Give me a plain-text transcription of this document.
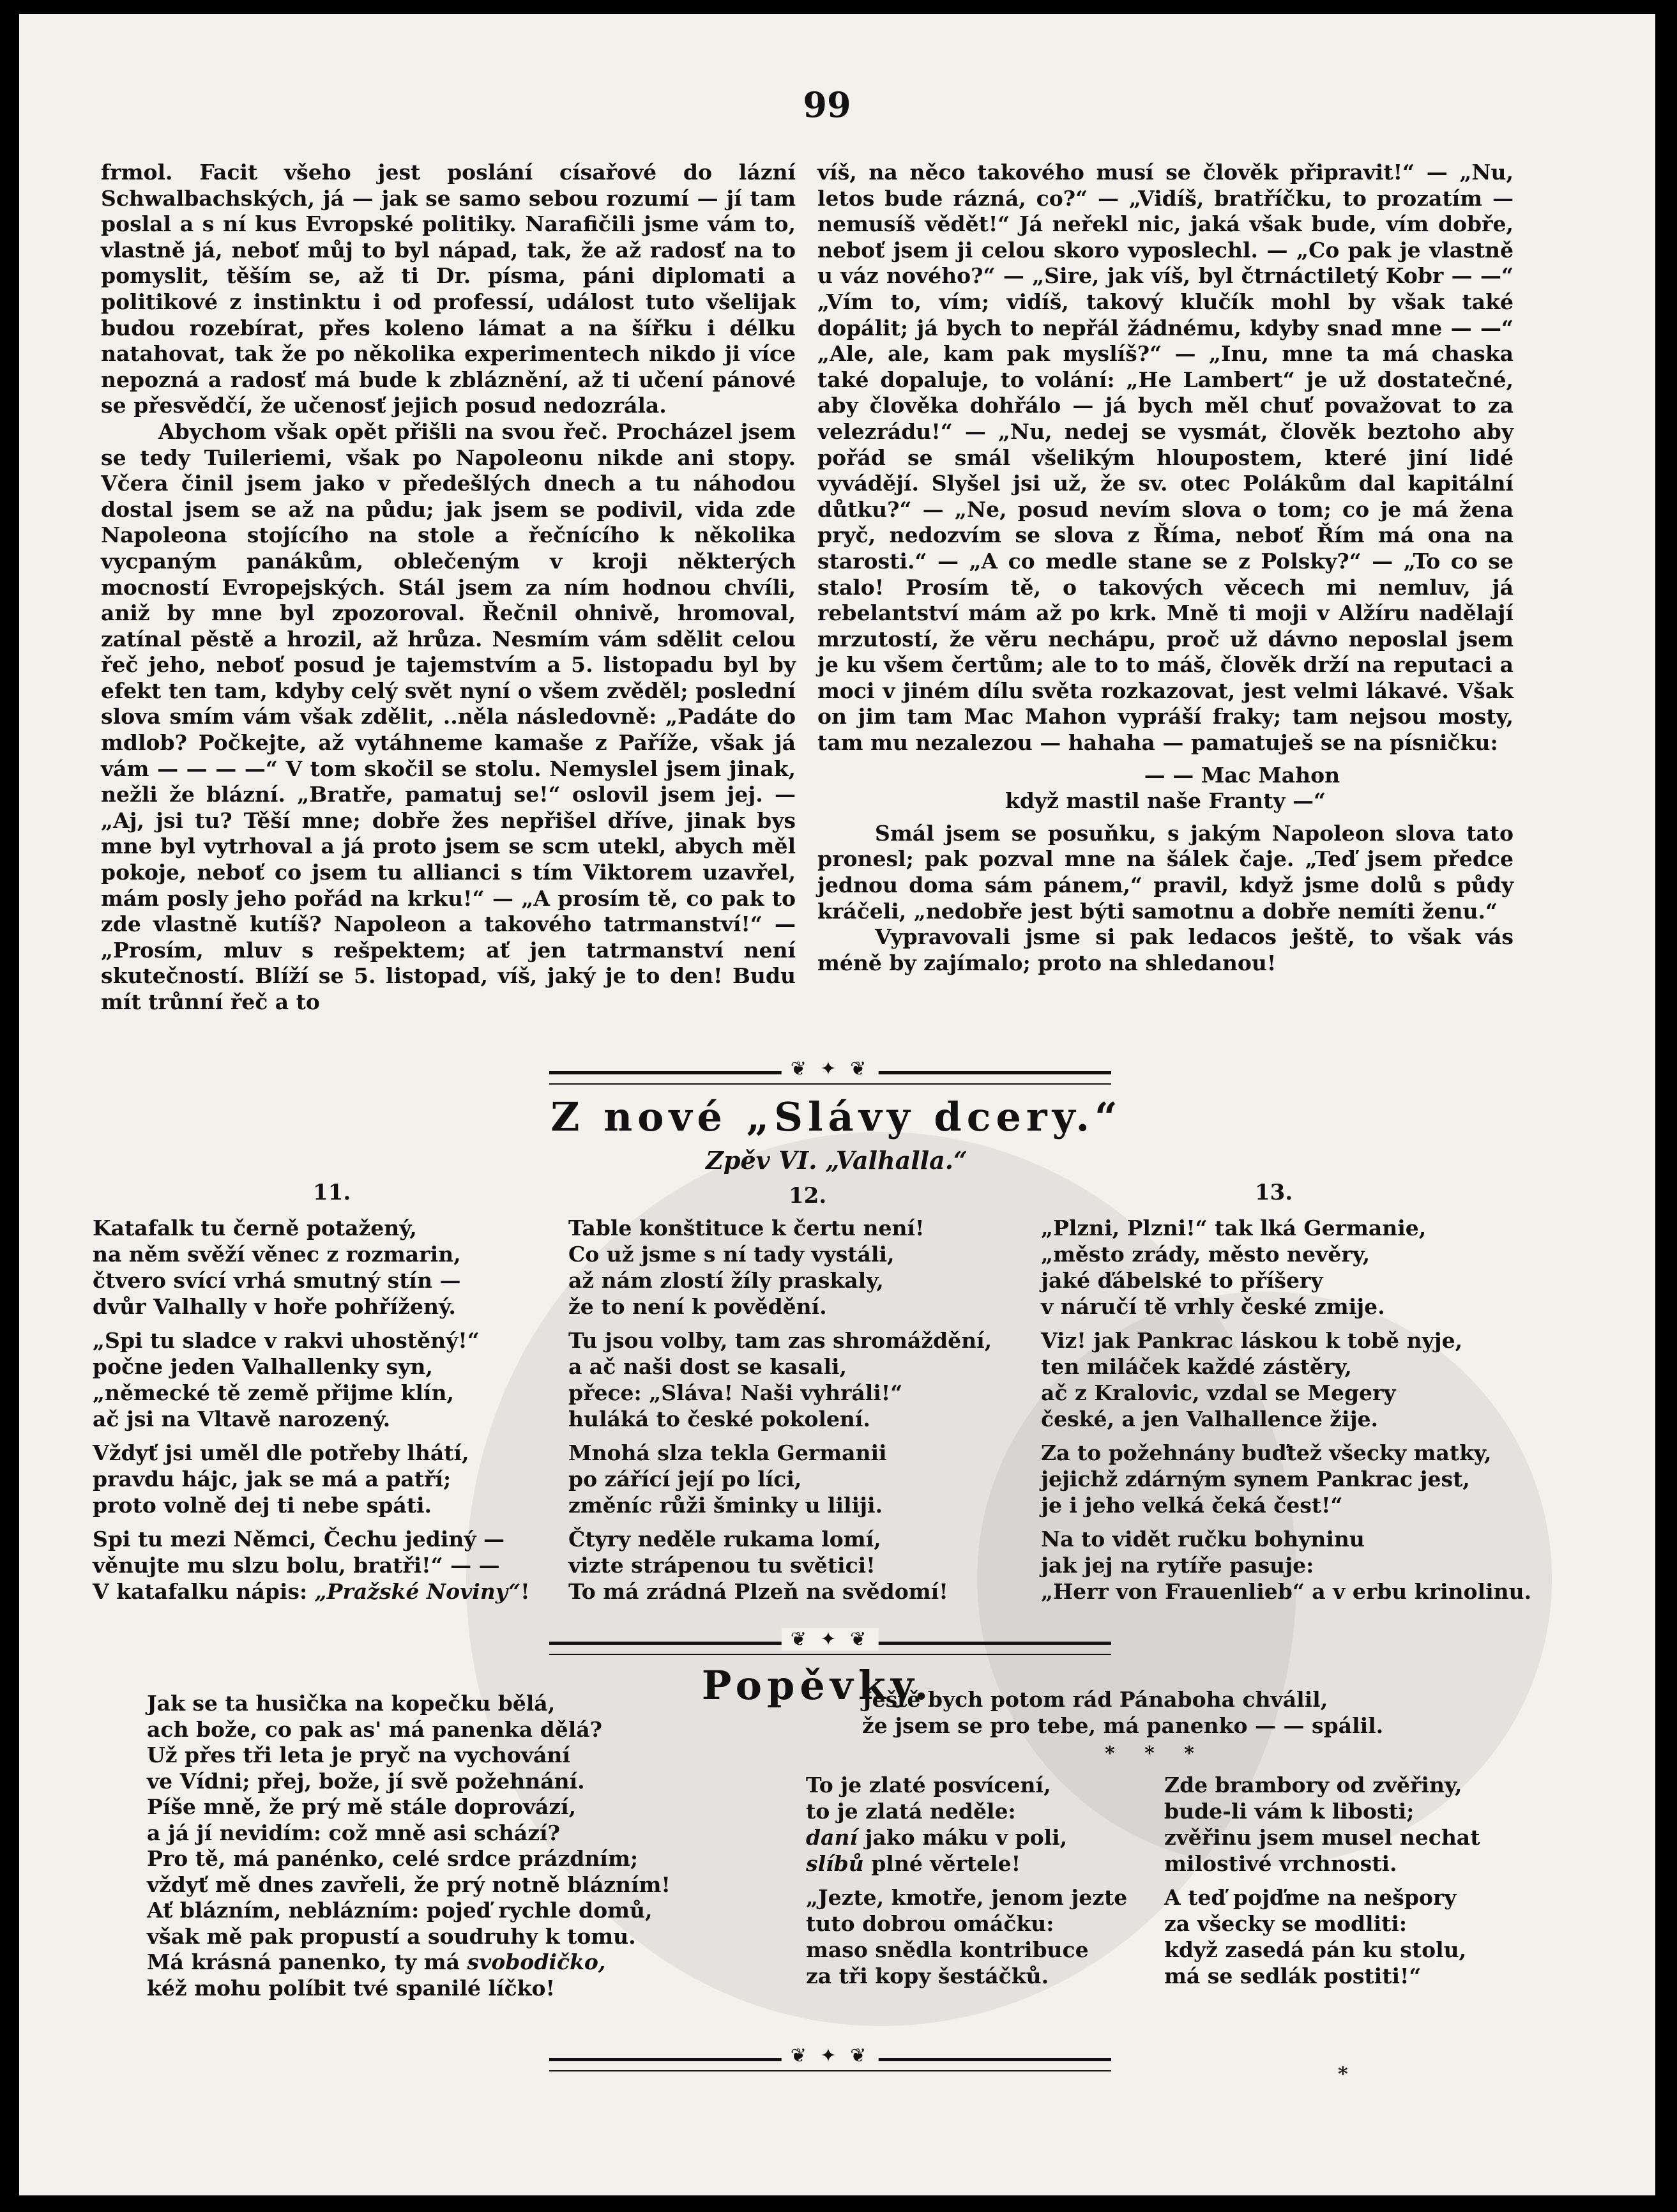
99

frmol. Facit všeho jest poslání císařové do lázní Schwalbachských, já — jak se samo sebou rozumí — jí tam poslal a s ní kus Evropské politiky. Narafičili jsme vám to, vlastně já, neboť můj to byl nápad, tak, že až radosť na to pomyslit, těším se, až ti Dr. písma, páni diplomati a politikové z instinktu i od professí, událost tuto všelijak budou rozebírat, přes koleno lámat a na šířku i délku natahovat, tak že po několika experimentech nikdo ji více nepozná a radosť má bude k zbláznění, až ti učení pánové se přesvědčí, že učenosť jejich posud nedozrála.

Abychom však opět přišli na svou řeč. Procházel jsem se tedy Tuileriemi, však po Napoleonu nikde ani stopy. Včera činil jsem jako v předešlých dnech a tu náhodou dostal jsem se až na půdu; jak jsem se podivil, vida zde Napoleona stojícího na stole a řečnícího k několika vycpaným panákům, oblečeným v kroji některých mocností Evropejských. Stál jsem za ním hodnou chvíli, aniž by mne byl zpozoroval. Řečnil ohnivě, hromoval, zatínal pěstě a hrozil, až hrůza. Nesmím vám sdělit celou řeč jeho, neboť posud je tajemstvím a 5. listopadu byl by efekt ten tam, kdyby celý svět nyní o všem zvěděl; poslední slova smím vám však zdělit, ..něla následovně: „Padáte do mdlob? Počkejte, až vytáhneme kamaše z Paříže, však já vám — — — —“ V tom skočil se stolu. Nemyslel jsem jinak, nežli že blázní. „Bratře, pamatuj se!“ oslovil jsem jej. — „Aj, jsi tu? Těší mne; dobře žes nepřišel dříve, jinak bys mne byl vytrhoval a já proto jsem se scm utekl, abych měl pokoje, neboť co jsem tu allianci s tím Viktorem uzavřel, mám posly jeho pořád na krku!“ — „A prosím tě, co pak to zde vlastně kutíš? Napoleon a takového tatrmanství!“ — „Prosím, mluv s rešpektem; ať jen tatrmanství není skutečností. Blíží se 5. listopad, víš, jaký je to den! Budu mít trůnní řeč a to

víš, na něco takového musí se člověk připravit!“ — „Nu, letos bude rázná, co?“ — „Vidíš, bratříčku, to prozatím — nemusíš vědět!“ Já neřekl nic, jaká však bude, vím dobře, neboť jsem ji celou skoro vyposlechl. — „Co pak je vlastně u váz nového?“ — „Sire, jak víš, byl čtrnáctiletý Kobr — —“ „Vím to, vím; vidíš, takový klučík mohl by však také dopálit; já bych to nepřál žádnému, kdyby snad mne — —“ „Ale, ale, kam pak myslíš?“ — „Inu, mne ta má chaska také dopaluje, to volání: „He Lambert“ je už dostatečné, aby člověka dohřálo — já bych měl chuť považovat to za velezrádu!“ — „Nu, nedej se vysmát, člověk beztoho aby pořád se smál všelikým hloupostem, které jiní lidé vyvádějí. Slyšel jsi už, že sv. otec Polákům dal kapitální důtku?“ — „Ne, posud nevím slova o tom; co je má žena pryč, nedozvím se slova z Říma, neboť Řím má ona na starosti.“ — „A co medle stane se z Polsky?“ — „To co se stalo! Prosím tě, o takových věcech mi nemluv, já rebelantství mám až po krk. Mně ti moji v Alžíru nadělají mrzutostí, že věru nechápu, proč už dávno neposlal jsem je ku všem čertům; ale to to máš, člověk drží na reputaci a moci v jiném dílu světa rozkazovat, jest velmi lákavé. Však on jim tam Mac Mahon vypráší fraky; tam nejsou mosty, tam mu nezalezou — hahaha — pamatuješ se na písničku:

— — Mac Mahon
když mastil naše Franty —“

Smál jsem se posuňku, s jakým Napoleon slova tato pronesl; pak pozval mne na šálek čaje. „Teď jsem předce jednou doma sám pánem,“ pravil, když jsme dolů s půdy kráčeli, „nedobře jest býti samotnu a dobře nemíti ženu.“

Vypravovali jsme si pak ledacos ještě, to však vás méně by zajímalo; proto na shledanou!

❦ ✦ ❦
Z nové „Slávy dcery.“
Zpěv VI. „Valhalla.“
11.	12.	13.
Katafalk tu černě potažený,
na něm svěží věnec z rozmarin,
čtvero svící vrhá smutný stín —
dvůr Valhally v hoře pohřížený.
„Spi tu sladce v rakvi uhostěný!“
počne jeden Valhallenky syn,
„německé tě země přijme klín,
ač jsi na Vltavě narozený.
Vždyť jsi uměl dle potřeby lhátí,
pravdu hájc, jak se má a patří;
proto volně dej ti nebe spáti.
Spi tu mezi Němci, Čechu jediný —
věnujte mu slzu bolu, bratři!“ — —
V katafalku nápis: „Pražské Noviny“!
Table konštituce k čertu není!
Co už jsme s ní tady vystáli,
až nám zlostí žíly praskaly,
že to není k povědění.
Tu jsou volby, tam zas shromáždění,
a ač naši dost se kasali,
přece: „Sláva! Naši vyhráli!“
huláká to české pokolení.
Mnohá slza tekla Germanii
po zářící její po líci,
změníc růži šminky u liliji.
Čtyry neděle rukama lomí,
vizte strápenou tu světici!
To má zrádná Plzeň na svědomí!
„Plzni, Plzni!“ tak lká Germanie,
„město zrády, město nevěry,
jaké ďábelské to příšery
v náručí tě vrhly české zmije.
Viz! jak Pankrac láskou k tobě nyje,
ten miláček každé zástěry,
ač z Kralovic, vzdal se Megery
české, a jen Valhallence žije.
Za to požehnány buďtež všecky matky,
jejichž zdárným synem Pankrac jest,
je i jeho velká čeká čest!“
Na to vidět ručku bohyninu
jak jej na rytíře pasuje:
„Herr von Frauenlieb“ a v erbu krinolinu.
❦ ✦ ❦
Popěvky.
Jak se ta husička na kopečku bělá,
ach bože, co pak as' má panenka dělá?
Už přes tři leta je pryč na vychování
ve Vídni; přej, bože, jí svě požehnání.
Píše mně, že prý mě stále doprovází,
a já jí nevidím: což mně asi schází?
Pro tě, má panénko, celé srdce prázdním;
vždyť mě dnes zavřeli, že prý notně blázním!
Ať blázním, neblázním: pojeď rychle domů,
však mě pak propustí a soudruhy k tomu.
Má krásná panenko, ty má svobodičko,
kéž mohu políbit tvé spanilé líčko!
Ještě bych potom rád Pánaboha chválil,
že jsem se pro tebe, má panenko — — spálil.
* * *
To je zlaté posvícení,
to je zlatá neděle:
daní jako máku v poli,
slíbů plné věrtele!
„Jezte, kmotře, jenom jezte
tuto dobrou omáčku:
maso snědla kontribuce
za tři kopy šestáčků.
Zde brambory od zvěřiny,
bude-li vám k libosti;
zvěřinu jsem musel nechat
milostivé vrchnosti.
A teď pojďme na nešpory
za všecky se modliti:
když zasedá pán ku stolu,
má se sedlák postiti!“
❦ ✦ ❦
*
